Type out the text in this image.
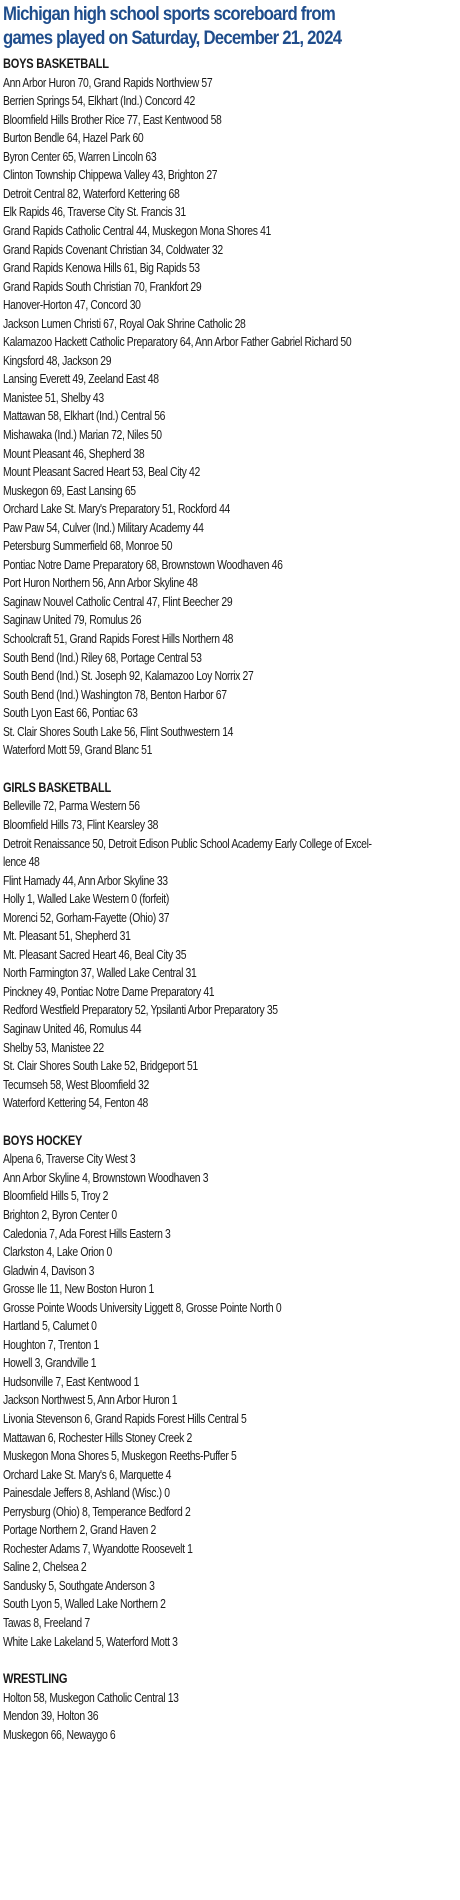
Michigan high school sports scoreboard from
games played on Saturday, December 21, 2024
BOYS BASKETBALL
Ann Arbor Huron 70, Grand Rapids Northview 57
Berrien Springs 54, Elkhart (Ind.) Concord 42
Bloomfield Hills Brother Rice 77, East Kentwood 58
Burton Bendle 64, Hazel Park 60
Byron Center 65, Warren Lincoln 63
Clinton Township Chippewa Valley 43, Brighton 27
Detroit Central 82, Waterford Kettering 68
Elk Rapids 46, Traverse City St. Francis 31
Grand Rapids Catholic Central 44, Muskegon Mona Shores 41
Grand Rapids Covenant Christian 34, Coldwater 32
Grand Rapids Kenowa Hills 61, Big Rapids 53
Grand Rapids South Christian 70, Frankfort 29
Hanover-Horton 47, Concord 30
Jackson Lumen Christi 67, Royal Oak Shrine Catholic 28
Kalamazoo Hackett Catholic Preparatory 64, Ann Arbor Father Gabriel Richard 50
Kingsford 48, Jackson 29
Lansing Everett 49, Zeeland East 48
Manistee 51, Shelby 43
Mattawan 58, Elkhart (Ind.) Central 56
Mishawaka (Ind.) Marian 72, Niles 50
Mount Pleasant 46, Shepherd 38
Mount Pleasant Sacred Heart 53, Beal City 42
Muskegon 69, East Lansing 65
Orchard Lake St. Mary's Preparatory 51, Rockford 44
Paw Paw 54, Culver (Ind.) Military Academy 44
Petersburg Summerfield 68, Monroe 50
Pontiac Notre Dame Preparatory 68, Brownstown Woodhaven 46
Port Huron Northern 56, Ann Arbor Skyline 48
Saginaw Nouvel Catholic Central 47, Flint Beecher 29
Saginaw United 79, Romulus 26
Schoolcraft 51, Grand Rapids Forest Hills Northern 48
South Bend (Ind.) Riley 68, Portage Central 53
South Bend (Ind.) St. Joseph 92, Kalamazoo Loy Norrix 27
South Bend (Ind.) Washington 78, Benton Harbor 67
South Lyon East 66, Pontiac 63
St. Clair Shores South Lake 56, Flint Southwestern 14
Waterford Mott 59, Grand Blanc 51
GIRLS BASKETBALL
Belleville 72, Parma Western 56
Bloomfield Hills 73, Flint Kearsley 38
Detroit Renaissance 50, Detroit Edison Public School Academy Early College of Excel-
lence 48
Flint Hamady 44, Ann Arbor Skyline 33
Holly 1, Walled Lake Western 0 (forfeit)
Morenci 52, Gorham-Fayette (Ohio) 37
Mt. Pleasant 51, Shepherd 31
Mt. Pleasant Sacred Heart 46, Beal City 35
North Farmington 37, Walled Lake Central 31
Pinckney 49, Pontiac Notre Dame Preparatory 41
Redford Westfield Preparatory 52, Ypsilanti Arbor Preparatory 35
Saginaw United 46, Romulus 44
Shelby 53, Manistee 22
St. Clair Shores South Lake 52, Bridgeport 51
Tecumseh 58, West Bloomfield 32
Waterford Kettering 54, Fenton 48
BOYS HOCKEY
Alpena 6, Traverse City West 3
Ann Arbor Skyline 4, Brownstown Woodhaven 3
Bloomfield Hills 5, Troy 2
Brighton 2, Byron Center 0
Caledonia 7, Ada Forest Hills Eastern 3
Clarkston 4, Lake Orion 0
Gladwin 4, Davison 3
Grosse Ile 11, New Boston Huron 1
Grosse Pointe Woods University Liggett 8, Grosse Pointe North 0
Hartland 5, Calumet 0
Houghton 7, Trenton 1
Howell 3, Grandville 1
Hudsonville 7, East Kentwood 1
Jackson Northwest 5, Ann Arbor Huron 1
Livonia Stevenson 6, Grand Rapids Forest Hills Central 5
Mattawan 6, Rochester Hills Stoney Creek 2
Muskegon Mona Shores 5, Muskegon Reeths-Puffer 5
Orchard Lake St. Mary's 6, Marquette 4
Painesdale Jeffers 8, Ashland (Wisc.) 0
Perrysburg (Ohio) 8, Temperance Bedford 2
Portage Northern 2, Grand Haven 2
Rochester Adams 7, Wyandotte Roosevelt 1
Saline 2, Chelsea 2
Sandusky 5, Southgate Anderson 3
South Lyon 5, Walled Lake Northern 2
Tawas 8, Freeland 7
White Lake Lakeland 5, Waterford Mott 3
WRESTLING
Holton 58, Muskegon Catholic Central 13
Mendon 39, Holton 36
Muskegon 66, Newaygo 6
